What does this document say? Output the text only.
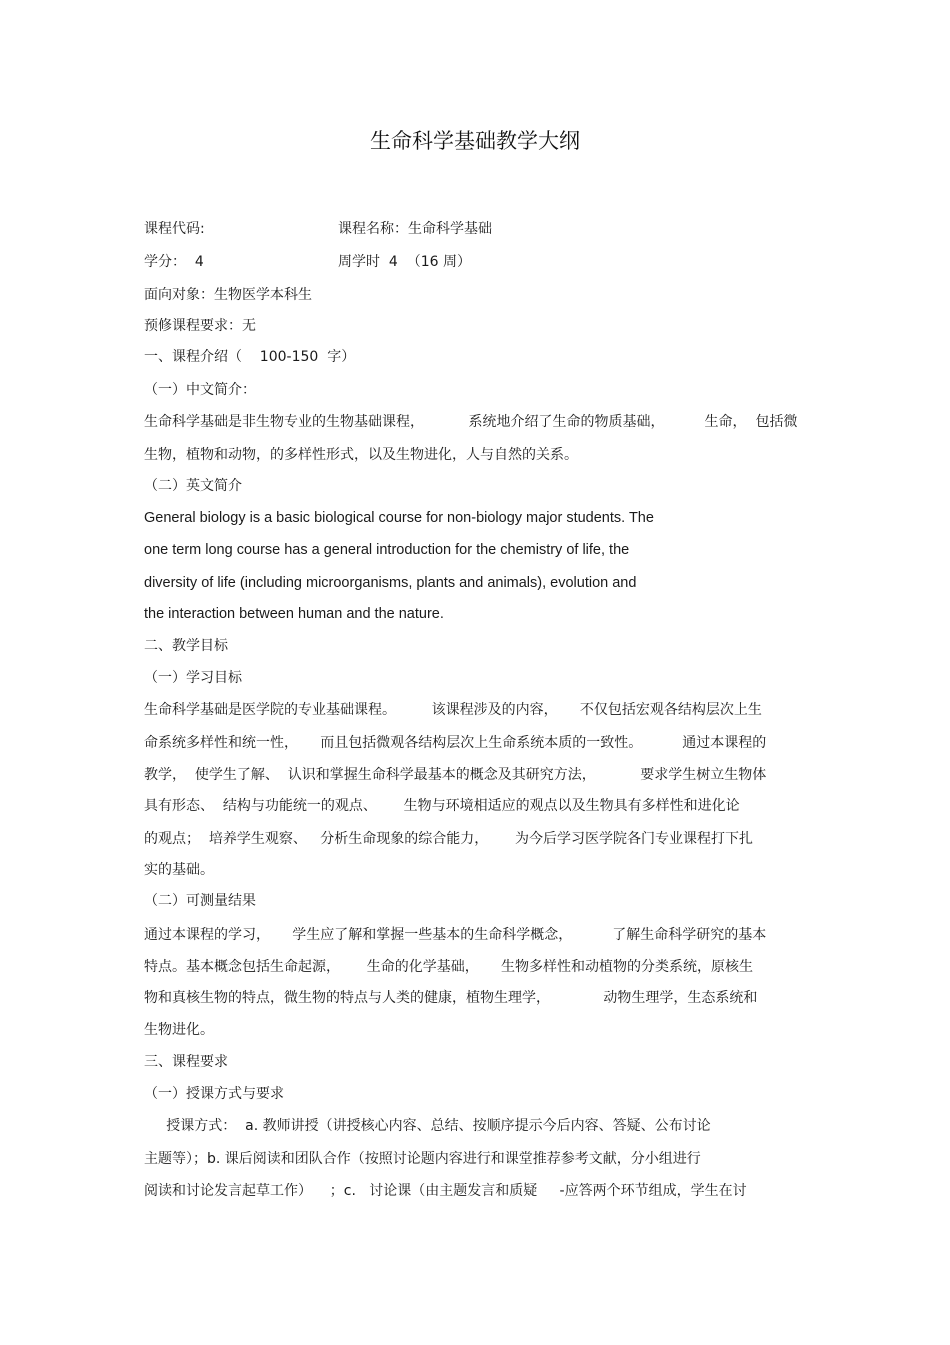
生命科学基础教学大纲
课程代码:	课程名称：生命科学基础
学分：  4	周学时  4  （16 周）
面向对象：生物医学本科生
预修课程要求：无
一、课程介绍（    100-150  字）
（一）中文简介：
生命科学基础是非生物专业的生物基础课程，          系统地介绍了生命的物质基础，         生命，  包括微
生物，植物和动物，的多样性形式，以及生物进化，人与自然的关系。
（二）英文简介
General biology is a basic biological course for non-biology major students. The
one term long course has a general introduction for the chemistry of life, the
diversity of life (including microorganisms, plants and animals), evolution and
the interaction between human and the nature.
二、教学目标
（一）学习目标
生命科学基础是医学院的专业基础课程。        该课程涉及的内容，     不仅包括宏观各结构层次上生
命系统多样性和统一性，     而且包括微观各结构层次上生命系统本质的一致性。         通过本课程的
教学，  使学生了解、  认识和掌握生命科学最基本的概念及其研究方法，          要求学生树立生物体
具有形态、  结构与功能统一的观点、      生物与环境相适应的观点以及生物具有多样性和进化论
的观点；  培养学生观察、   分析生命现象的综合能力，      为今后学习医学院各门专业课程打下扎
实的基础。
（二）可测量结果
通过本课程的学习，     学生应了解和掌握一些基本的生命科学概念，         了解生命科学研究的基本
特点。基本概念包括生命起源，      生命的化学基础，     生物多样性和动植物的分类系统，原核生
物和真核生物的特点，微生物的特点与人类的健康，植物生理学，            动物生理学，生态系统和
生物进化。
三、课程要求
（一）授课方式与要求
授课方式：  a. 教师讲授（讲授核心内容、总结、按顺序提示今后内容、答疑、公布讨论
主题等）；b. 课后阅读和团队合作（按照讨论题内容进行和课堂推荐参考文献，分小组进行
阅读和讨论发言起草工作）    ；c.   讨论课（由主题发言和质疑     -应答两个环节组成，学生在讨
